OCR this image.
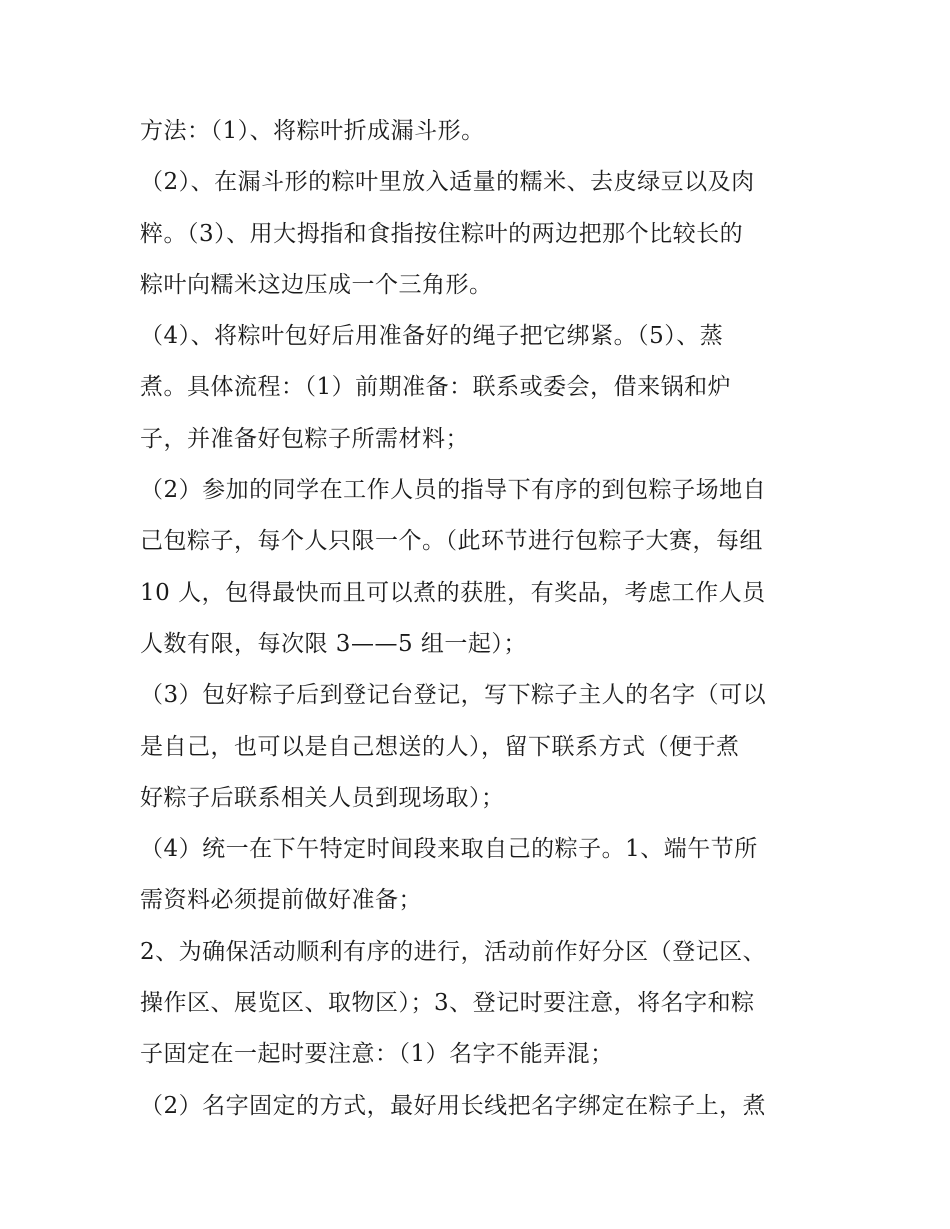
方法：（1）、将粽叶折成漏斗形。
（2）、在漏斗形的粽叶里放入适量的糯米、去皮绿豆以及肉
粹。（3）、用大拇指和食指按住粽叶的两边把那个比较长的
粽叶向糯米这边压成一个三角形。
（4）、将粽叶包好后用准备好的绳子把它绑紧。（5）、蒸
煮。具体流程：（1）前期准备：联系或委会，借来锅和炉
子，并准备好包粽子所需材料；
（2）参加的同学在工作人员的指导下有序的到包粽子场地自
己包粽子，每个人只限一个。（此环节进行包粽子大赛，每组
10 人，包得最快而且可以煮的获胜，有奖品，考虑工作人员
人数有限，每次限 3——5 组一起）；
（3）包好粽子后到登记台登记，写下粽子主人的名字（可以
是自己，也可以是自己想送的人），留下联系方式（便于煮
好粽子后联系相关人员到现场取）；
（4）统一在下午特定时间段来取自己的粽子。1、端午节所
需资料必须提前做好准备；
2、为确保活动顺利有序的进行，活动前作好分区（登记区、
操作区、展览区、取物区）；3、登记时要注意，将名字和粽
子固定在一起时要注意：（1）名字不能弄混；
（2）名字固定的方式，最好用长线把名字绑定在粽子上，煮
